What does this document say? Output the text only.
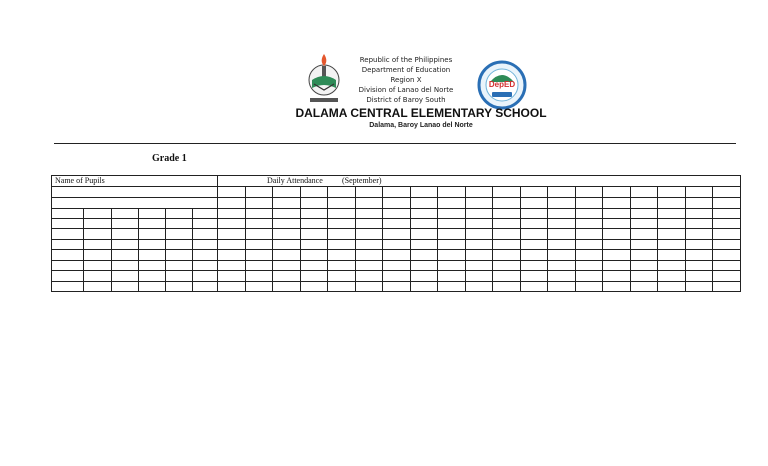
Republic of the Philippines
Department of Education
Region X
Division of Lanao del Norte
District of Baroy South
DepED
DALAMA CENTRAL ELEMENTARY SCHOOL
Dalama, Baroy Lanao del Norte
Grade 1
Name of Pupils	Daily Attendance (September)
